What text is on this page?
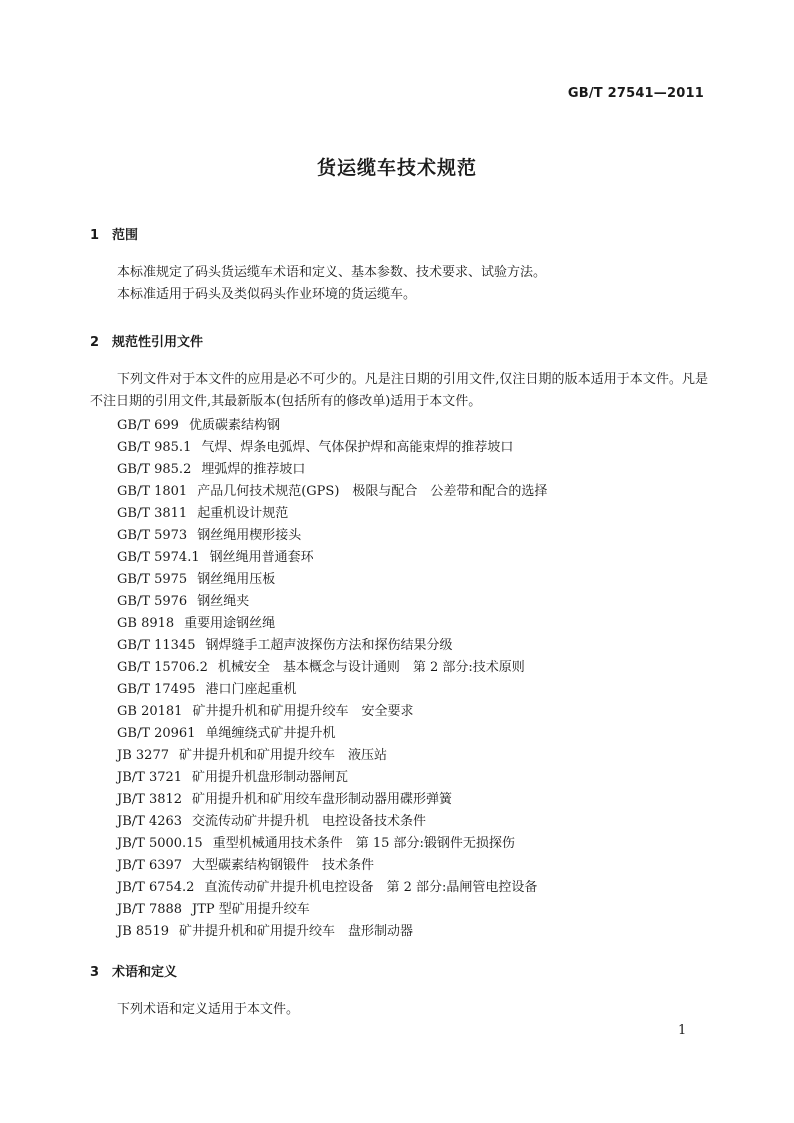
GB/T 27541—2011
货运缆车技术规范
1 范围
本标准规定了码头货运缆车术语和定义、基本参数、技术要求、试验方法。
本标准适用于码头及类似码头作业环境的货运缆车。
2 规范性引用文件
下列文件对于本文件的应用是必不可少的。凡是注日期的引用文件,仅注日期的版本适用于本文件。凡是不注日期的引用文件,其最新版本(包括所有的修改单)适用于本文件。
GB/T 699 优质碳素结构钢
GB/T 985.1 气焊、焊条电弧焊、气体保护焊和高能束焊的推荐坡口
GB/T 985.2 埋弧焊的推荐坡口
GB/T 1801 产品几何技术规范(GPS)　极限与配合　公差带和配合的选择
GB/T 3811 起重机设计规范
GB/T 5973 钢丝绳用楔形接头
GB/T 5974.1 钢丝绳用普通套环
GB/T 5975 钢丝绳用压板
GB/T 5976 钢丝绳夹
GB 8918 重要用途钢丝绳
GB/T 11345 钢焊缝手工超声波探伤方法和探伤结果分级
GB/T 15706.2 机械安全　基本概念与设计通则　第 2 部分:技术原则
GB/T 17495 港口门座起重机
GB 20181 矿井提升机和矿用提升绞车　安全要求
GB/T 20961 单绳缠绕式矿井提升机
JB 3277 矿井提升机和矿用提升绞车　液压站
JB/T 3721 矿用提升机盘形制动器闸瓦
JB/T 3812 矿用提升机和矿用绞车盘形制动器用碟形弹簧
JB/T 4263 交流传动矿井提升机　电控设备技术条件
JB/T 5000.15 重型机械通用技术条件　第 15 部分:锻钢件无损探伤
JB/T 6397 大型碳素结构钢锻件　技术条件
JB/T 6754.2 直流传动矿井提升机电控设备　第 2 部分:晶闸管电控设备
JB/T 7888 JTP 型矿用提升绞车
JB 8519 矿井提升机和矿用提升绞车　盘形制动器
3 术语和定义
下列术语和定义适用于本文件。
1
